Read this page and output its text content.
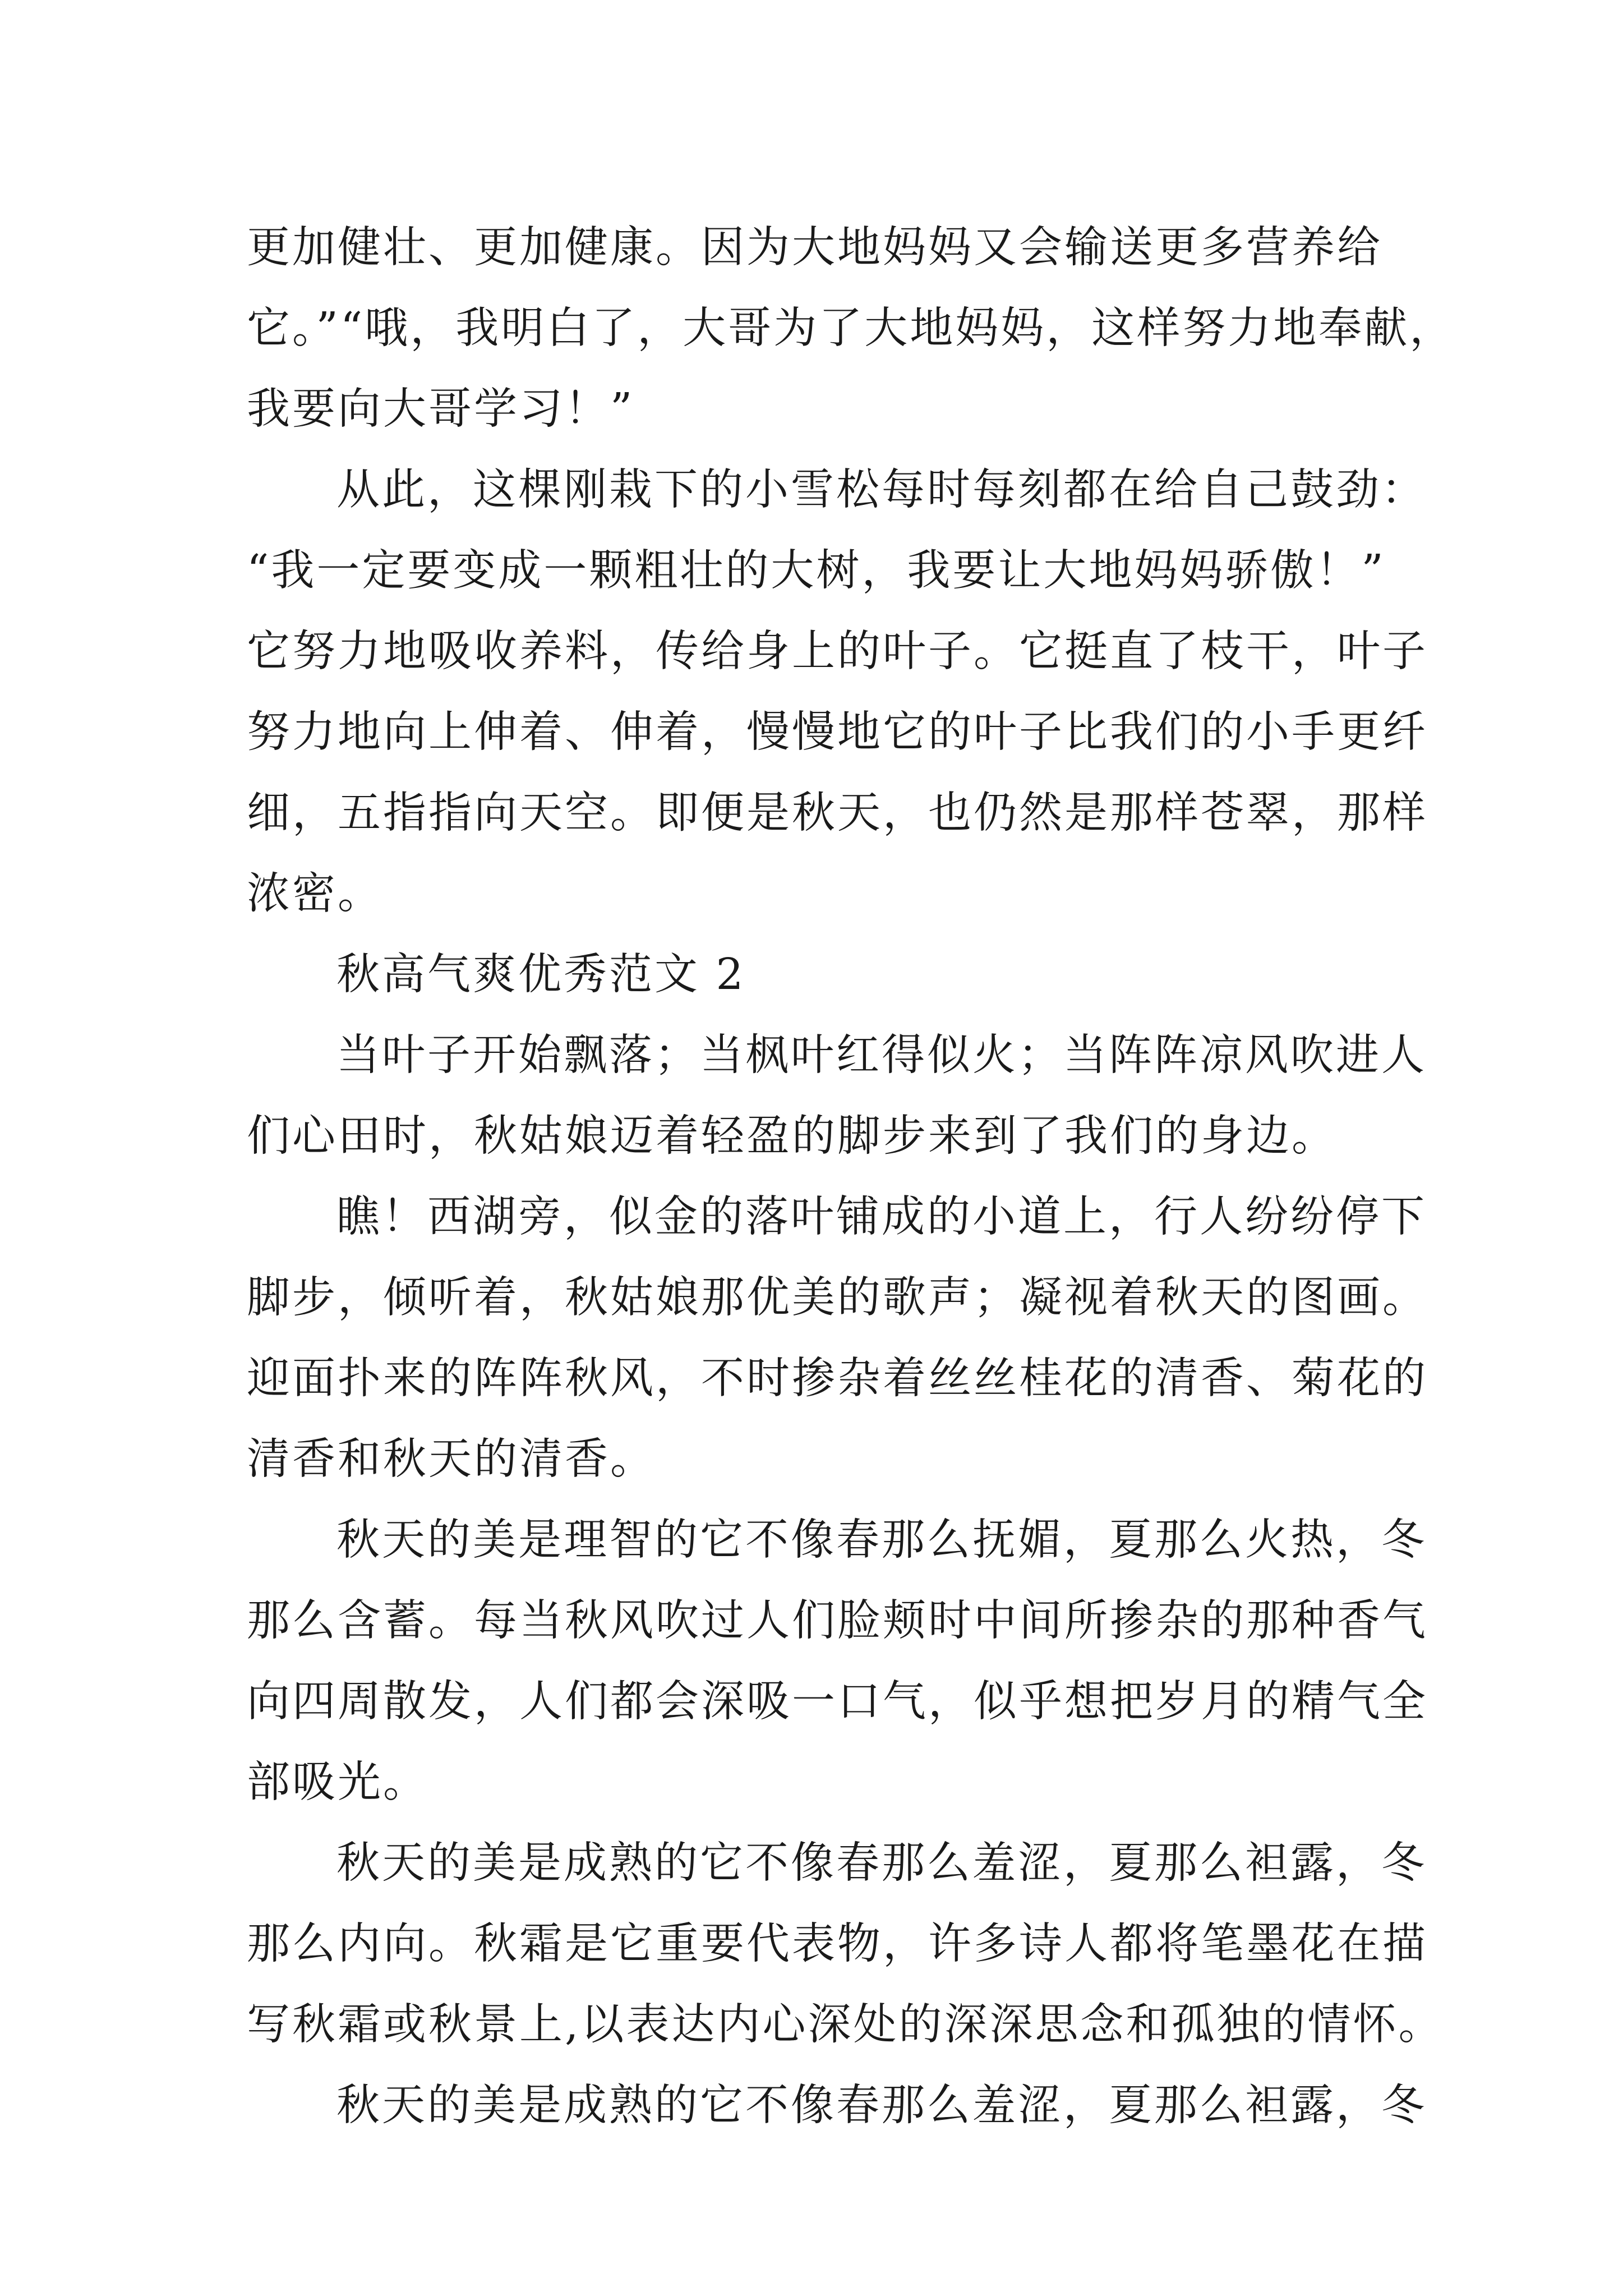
更加健壮、更加健康。因为大地妈妈又会输送更多营养给
它。”“哦，我明白了，大哥为了大地妈妈，这样努力地奉献，
我要向大哥学习！”
从此，这棵刚栽下的小雪松每时每刻都在给自己鼓劲：
“我一定要变成一颗粗壮的大树，我要让大地妈妈骄傲！”
它努力地吸收养料，传给身上的叶子。它挺直了枝干，叶子
努力地向上伸着、伸着，慢慢地它的叶子比我们的小手更纤
细，五指指向天空。即便是秋天，也仍然是那样苍翠，那样
浓密。
秋高气爽优秀范文 2
当叶子开始飘落；当枫叶红得似火；当阵阵凉风吹进人
们心田时，秋姑娘迈着轻盈的脚步来到了我们的身边。
瞧！西湖旁，似金的落叶铺成的小道上，行人纷纷停下
脚步，倾听着，秋姑娘那优美的歌声；凝视着秋天的图画。
迎面扑来的阵阵秋风，不时掺杂着丝丝桂花的清香、菊花的
清香和秋天的清香。
秋天的美是理智的它不像春那么抚媚，夏那么火热，冬
那么含蓄。每当秋风吹过人们脸颊时中间所掺杂的那种香气
向四周散发，人们都会深吸一口气，似乎想把岁月的精气全
部吸光。
秋天的美是成熟的它不像春那么羞涩，夏那么袒露，冬
那么内向。秋霜是它重要代表物，许多诗人都将笔墨花在描
写秋霜或秋景上,以表达内心深处的深深思念和孤独的情怀。
秋天的美是成熟的它不像春那么羞涩，夏那么袒露，冬
